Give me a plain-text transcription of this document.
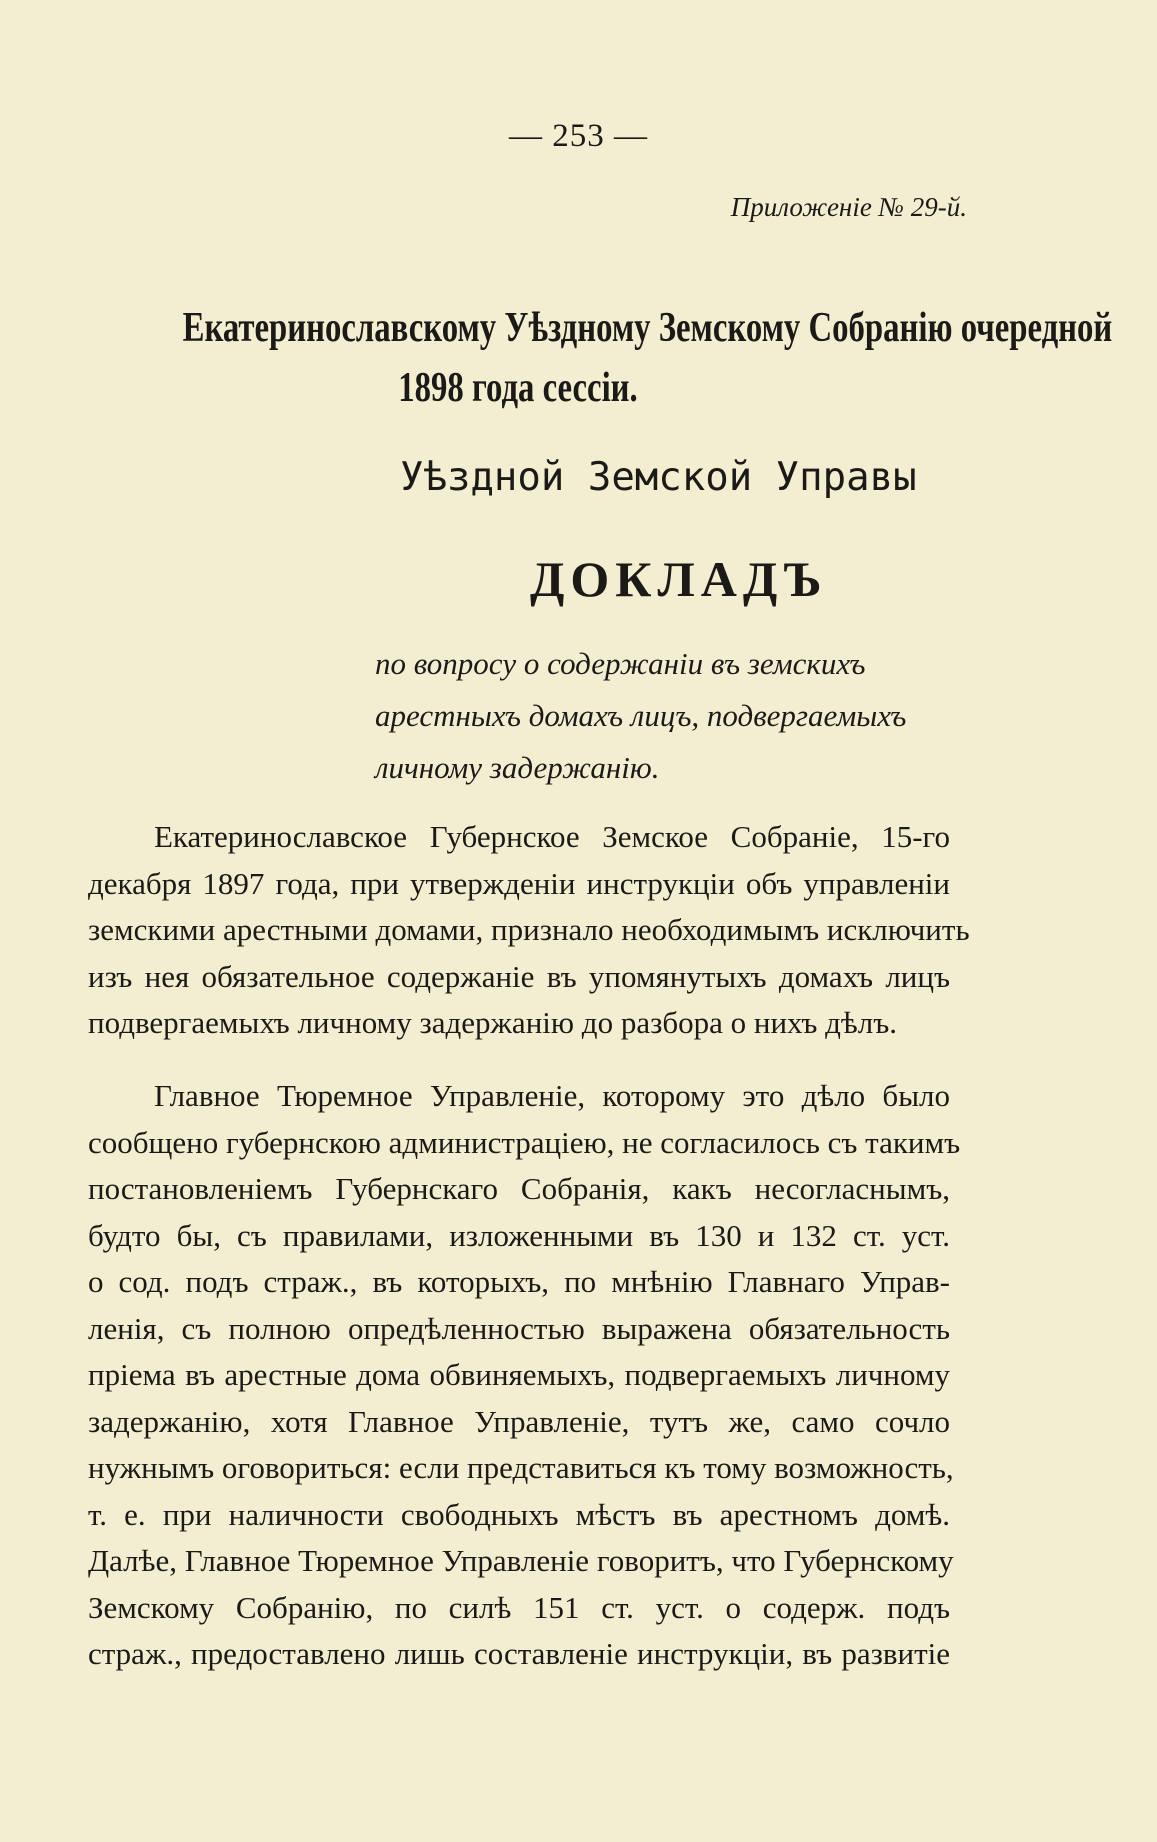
— 253 —
Приложеніе № 29-й.
Екатеринославскому Уѣздному Земскому Собранію очередной
1898 года сессіи.
Уѣздной Земской Управы
ДОКЛАДЪ
по вопросу о содержаніи въ земскихъ
арестныхъ домахъ лицъ, подвергаемыхъ
личному задержанію.
Екатеринославское Губернское Земское Собраніе, 15-го
декабря 1897 года, при утвержденіи инструкціи объ управленіи
земскими арестными домами, признало необходимымъ исключить
изъ нея обязательное содержаніе въ упомянутыхъ домахъ лицъ
подвергаемыхъ личному задержанію до разбора о нихъ дѣлъ.
Главное Тюремное Управленіе, которому это дѣло было
сообщено губернскою администраціею, не согласилось съ такимъ
постановленіемъ Губернскаго Собранія, какъ несогласнымъ,
будто бы, съ правилами, изложенными въ 130 и 132 ст. уст.
о сод. подъ страж., въ которыхъ, по мнѣнію Главнаго Управ-
ленія, съ полною опредѣленностью выражена обязательность
пріема въ арестные дома обвиняемыхъ, подвергаемыхъ личному
задержанію, хотя Главное Управленіе, тутъ же, само сочло
нужнымъ оговориться: если представиться къ тому возможность,
т. е. при наличности свободныхъ мѣстъ въ арестномъ домѣ.
Далѣе, Главное Тюремное Управленіе говоритъ, что Губернскому
Земскому Собранію, по силѣ 151 ст. уст. о содерж. подъ
страж., предоставлено лишь составленіе инструкціи, въ развитіе
